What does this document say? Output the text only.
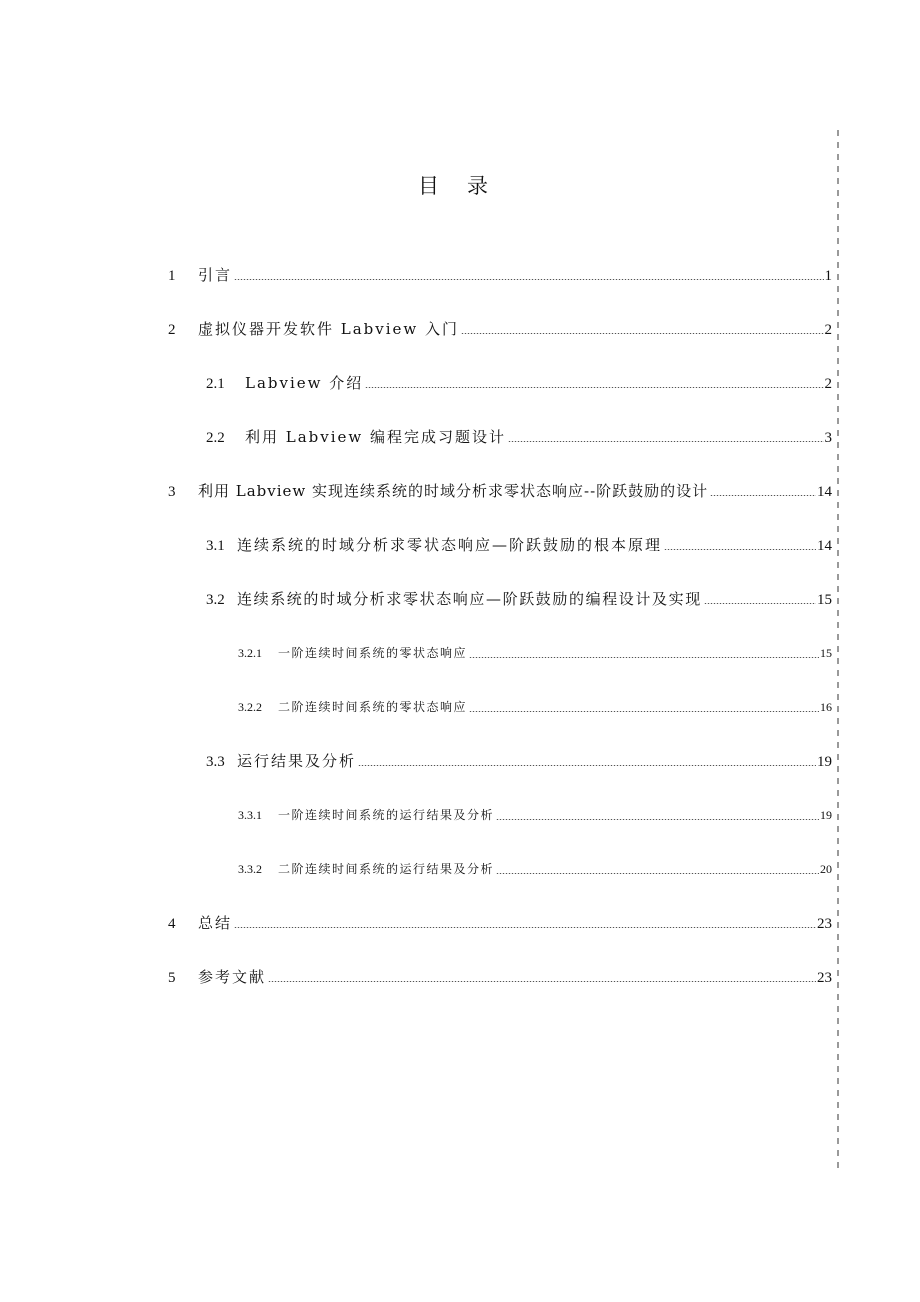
目录
1	引言	1
2	虚拟仪器开发软件 Labview 入门	2
2.1	Labview 介绍	2
2.2	利用 Labview 编程完成习题设计	3
3	利用 Labview 实现连续系统的时域分析求零状态响应--阶跃鼓励的设计	14
3.1 连续系统的时域分析求零状态响应—阶跃鼓励的根本原理	14
3.2 连续系统的时域分析求零状态响应—阶跃鼓励的编程设计及实现	15
3.2.1	一阶连续时间系统的零状态响应	15
3.2.2	二阶连续时间系统的零状态响应	16
3.3 运行结果及分析	19
3.3.1	一阶连续时间系统的运行结果及分析	19
3.3.2	二阶连续时间系统的运行结果及分析	20
4	总结	23
5	参考文献	23
